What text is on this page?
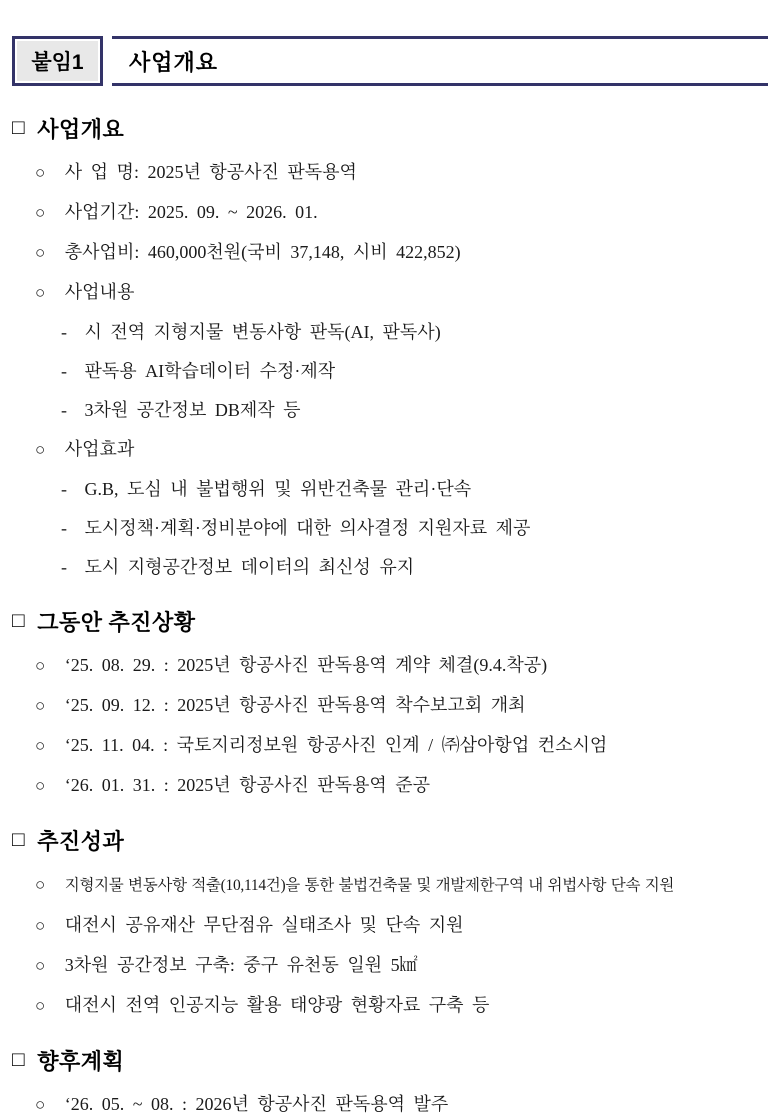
붙임1	사업개요
□ 사업개요
○ 사 업 명: 2025년 항공사진 판독용역
○ 사업기간: 2025. 09. ~ 2026. 01.
○ 총사업비: 460,000천원(국비 37,148, 시비 422,852)
○ 사업내용
- 시 전역 지형지물 변동사항 판독(AI, 판독사)
- 판독용 AI학습데이터 수정·제작
- 3차원 공간정보 DB제작 등
○ 사업효과
- G.B, 도심 내 불법행위 및 위반건축물 관리·단속
- 도시정책·계획·정비분야에 대한 의사결정 지원자료 제공
- 도시 지형공간정보 데이터의 최신성 유지
□ 그동안 추진상황
○ ‘25. 08. 29. : 2025년 항공사진 판독용역 계약 체결(9.4.착공)
○ ‘25. 09. 12. : 2025년 항공사진 판독용역 착수보고회 개최
○ ‘25. 11. 04. : 국토지리정보원 항공사진 인계 / ㈜삼아항업 컨소시엄
○ ‘26. 01. 31. : 2025년 항공사진 판독용역 준공
□ 추진성과
○ 지형지물 변동사항 적출(10,114건)을 통한 불법건축물 및 개발제한구역 내 위법사항 단속 지원
○ 대전시 공유재산 무단점유 실태조사 및 단속 지원
○ 3차원 공간정보 구축: 중구 유천동 일원 5㎢
○ 대전시 전역 인공지능 활용 태양광 현황자료 구축 등
□ 향후계획
○ ‘26. 05. ~ 08. : 2026년 항공사진 판독용역 발주
